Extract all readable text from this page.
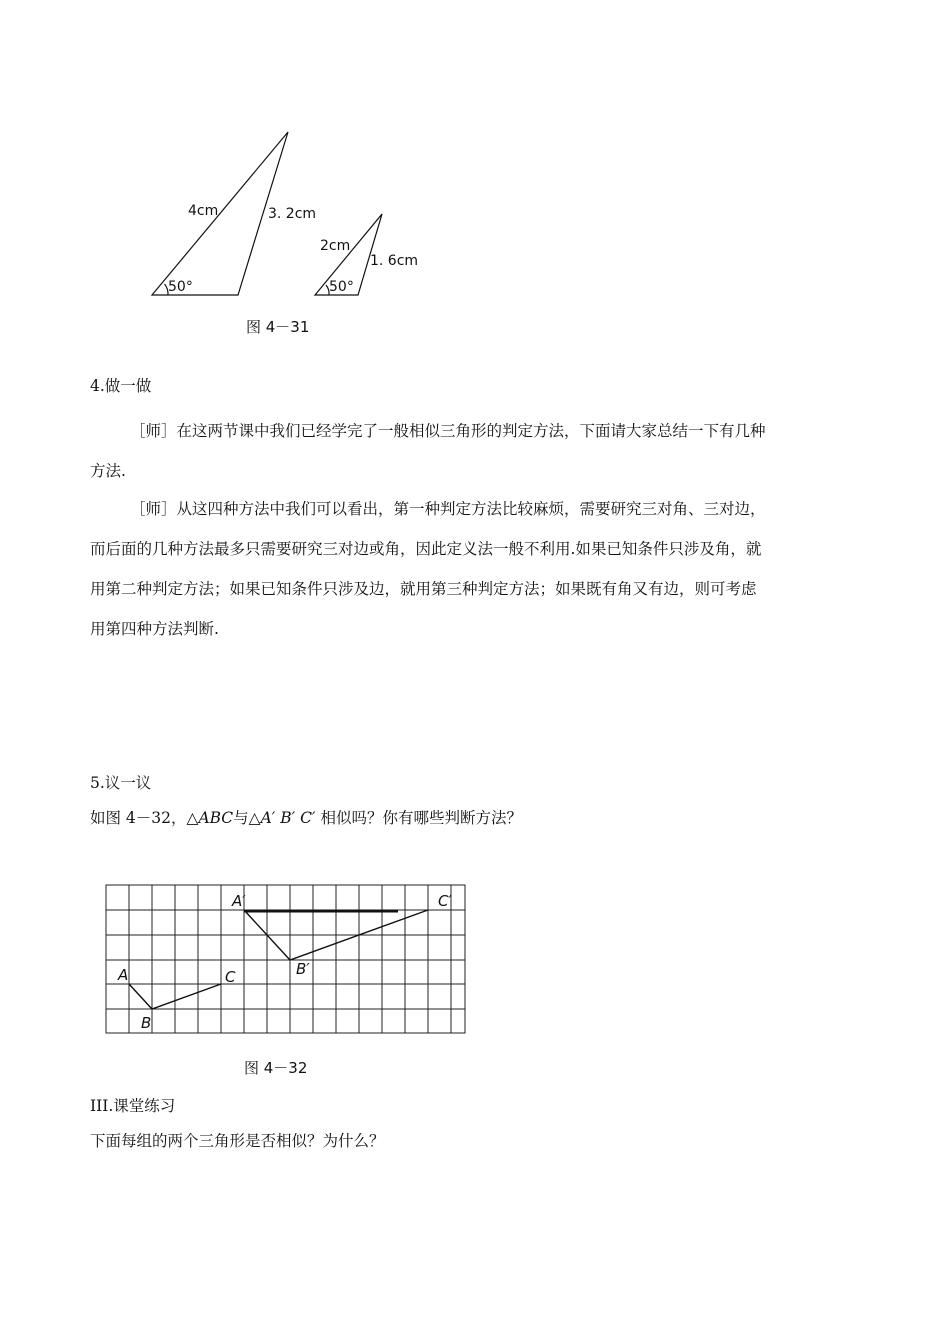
4cm	3. 2cm
50°
2cm
1. 6cm
50°
图 4－31
4.做一做
［师］在这两节课中我们已经学完了一般相似三角形的判定方法，下面请大家总结一下有几种方法.
［师］从这四种方法中我们可以看出，第一种判定方法比较麻烦，需要研究三对角、三对边，而后面的几种方法最多只需要研究三对边或角，因此定义法一般不利用.如果已知条件只涉及角，就用第二种判定方法；如果已知条件只涉及边，就用第三种判定方法；如果既有角又有边，则可考虑用第四种方法判断.
5.议一议
如图 4－32，△ABC与△A′ B′ C′ 相似吗？你有哪些判断方法？
A
B
C
A′
B′
C′
图 4－32
III.课堂练习
下面每组的两个三角形是否相似？为什么？
